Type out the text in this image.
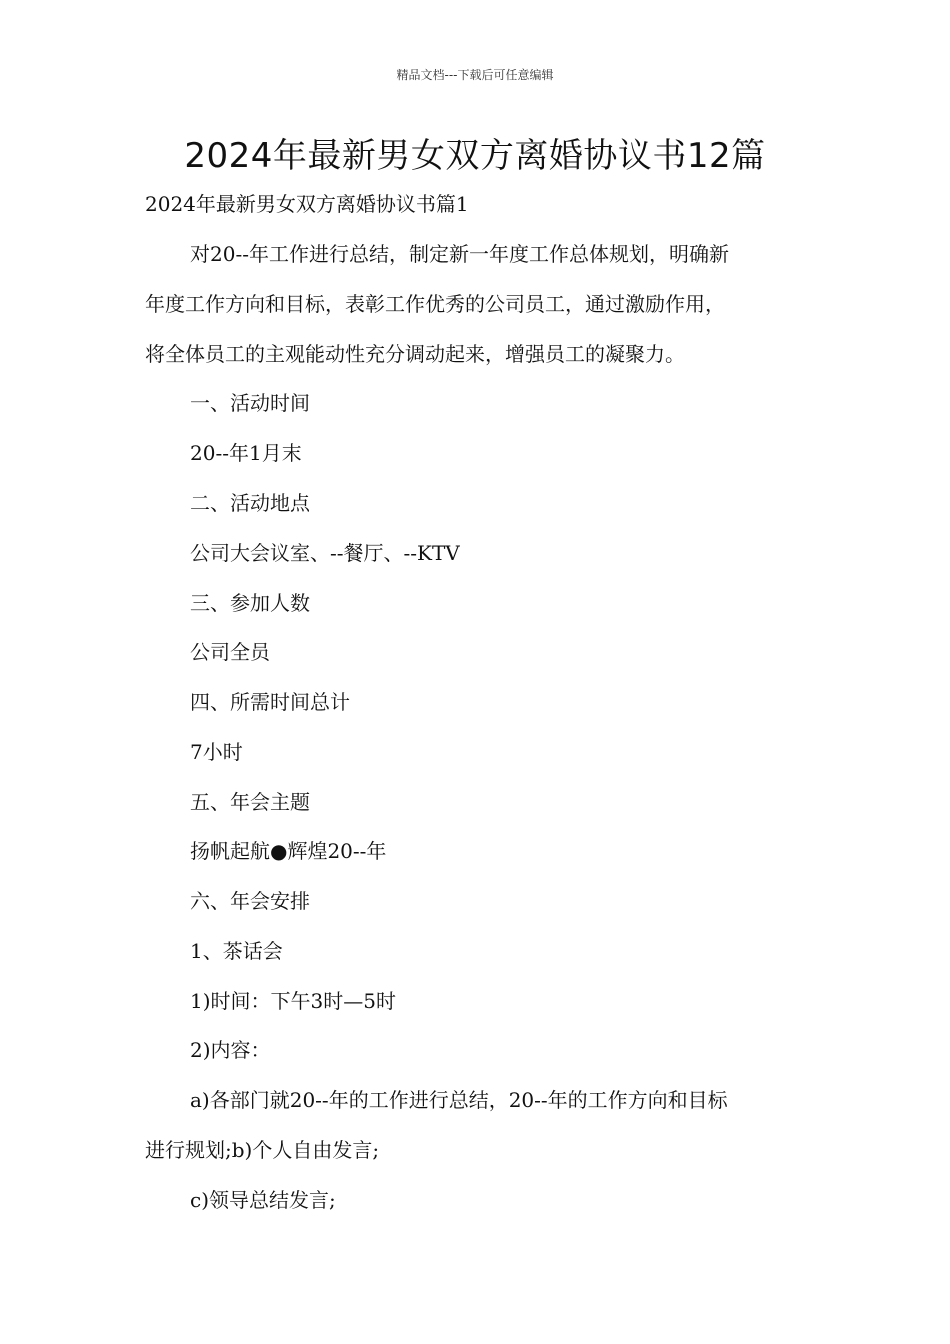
精品文档---下载后可任意编辑
2024年最新男女双方离婚协议书12篇
2024年最新男女双方离婚协议书篇1
对20--年工作进行总结，制定新一年度工作总体规划，明确新
年度工作方向和目标，表彰工作优秀的公司员工，通过激励作用，
将全体员工的主观能动性充分调动起来，增强员工的凝聚力。
一、活动时间
20--年1月末
二、活动地点
公司大会议室、--餐厅、--KTV
三、参加人数
公司全员
四、所需时间总计
7小时
五、年会主题
扬帆起航●辉煌20--年
六、年会安排
1、茶话会
1)时间：下午3时—5时
2)内容：
a)各部门就20--年的工作进行总结，20--年的工作方向和目标
进行规划;b)个人自由发言;
c)领导总结发言;
